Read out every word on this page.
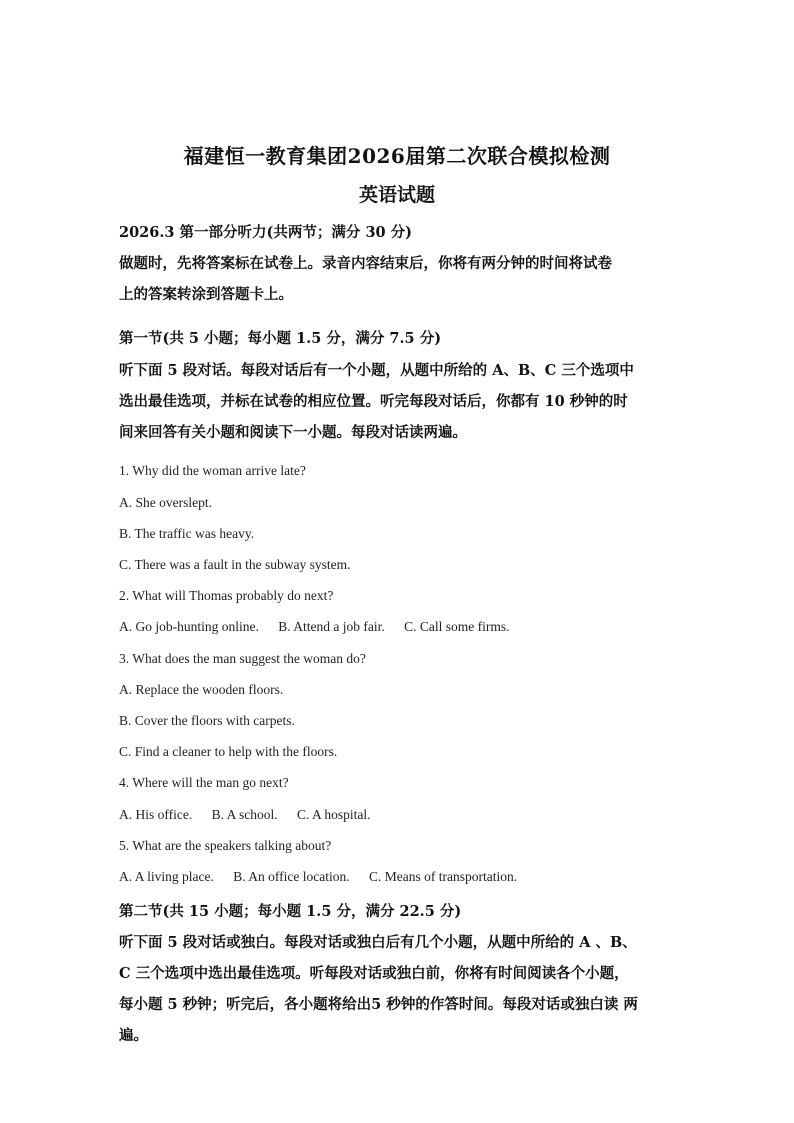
福建恒一教育集团2026届第二次联合模拟检测
英语试题
2026.3 第一部分听力(共两节；满分 30 分)
做题时，先将答案标在试卷上。录音内容结束后，你将有两分钟的时间将试卷
上的答案转涂到答题卡上。
第一节(共 5 小题；每小题 1.5 分，满分 7.5 分)
听下面 5 段对话。每段对话后有一个小题，从题中所给的 A、B、C 三个选项中
选出最佳选项，并标在试卷的相应位置。听完每段对话后，你都有 10 秒钟的时
间来回答有关小题和阅读下一小题。每段对话读两遍。
1. Why did the woman arrive late?
A. She overslept.
B. The traffic was heavy.
C. There was a fault in the subway system.
2. What will Thomas probably do next?
A. Go job-hunting online. B. Attend a job fair. C. Call some firms.
3. What does the man suggest the woman do?
A. Replace the wooden floors.
B. Cover the floors with carpets.
C. Find a cleaner to help with the floors.
4. Where will the man go next?
A. His office. B. A school. C. A hospital.
5. What are the speakers talking about?
A. A living place. B. An office location. C. Means of transportation.
第二节(共 15 小题；每小题 1.5 分，满分 22.5 分)
听下面 5 段对话或独白。每段对话或独白后有几个小题，从题中所给的 A 、B、
C 三个选项中选出最佳选项。听每段对话或独白前，你将有时间阅读各个小题，
每小题 5 秒钟；听完后，各小题将给出5 秒钟的作答时间。每段对话或独白读 两
遍。
